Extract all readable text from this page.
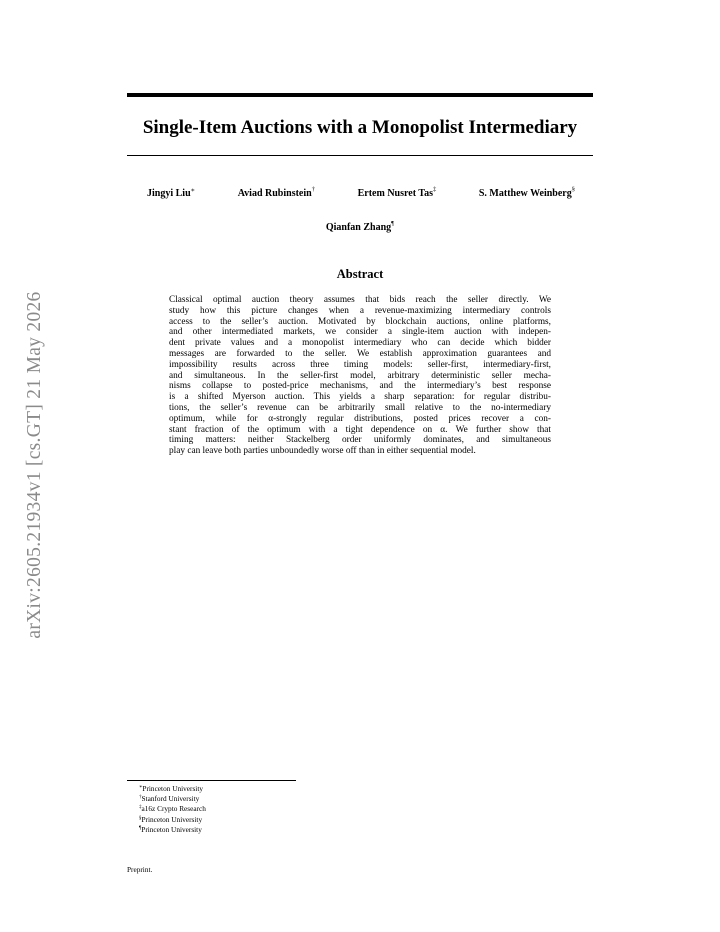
arXiv:2605.21934v1 [cs.GT] 21 May 2026
Single-Item Auctions with a Monopolist Intermediary
Jingyi Liu∗	Aviad Rubinstein†	Ertem Nusret Tas‡	S. Matthew Weinberg§
Qianfan Zhang¶
Abstract
Classical optimal auction theory assumes that bids reach the seller directly. We
study how this picture changes when a revenue-maximizing intermediary controls
access to the seller’s auction. Motivated by blockchain auctions, online platforms,
and other intermediated markets, we consider a single-item auction with indepen-
dent private values and a monopolist intermediary who can decide which bidder
messages are forwarded to the seller. We establish approximation guarantees and
impossibility results across three timing models: seller-first, intermediary-first,
and simultaneous. In the seller-first model, arbitrary deterministic seller mecha-
nisms collapse to posted-price mechanisms, and the intermediary’s best response
is a shifted Myerson auction. This yields a sharp separation: for regular distribu-
tions, the seller’s revenue can be arbitrarily small relative to the no-intermediary
optimum, while for α-strongly regular distributions, posted prices recover a con-
stant fraction of the optimum with a tight dependence on α. We further show that
timing matters: neither Stackelberg order uniformly dominates, and simultaneous
play can leave both parties unboundedly worse off than in either sequential model.
∗Princeton University
†Stanford University
‡a16z Crypto Research
§Princeton University
¶Princeton University
Preprint.
